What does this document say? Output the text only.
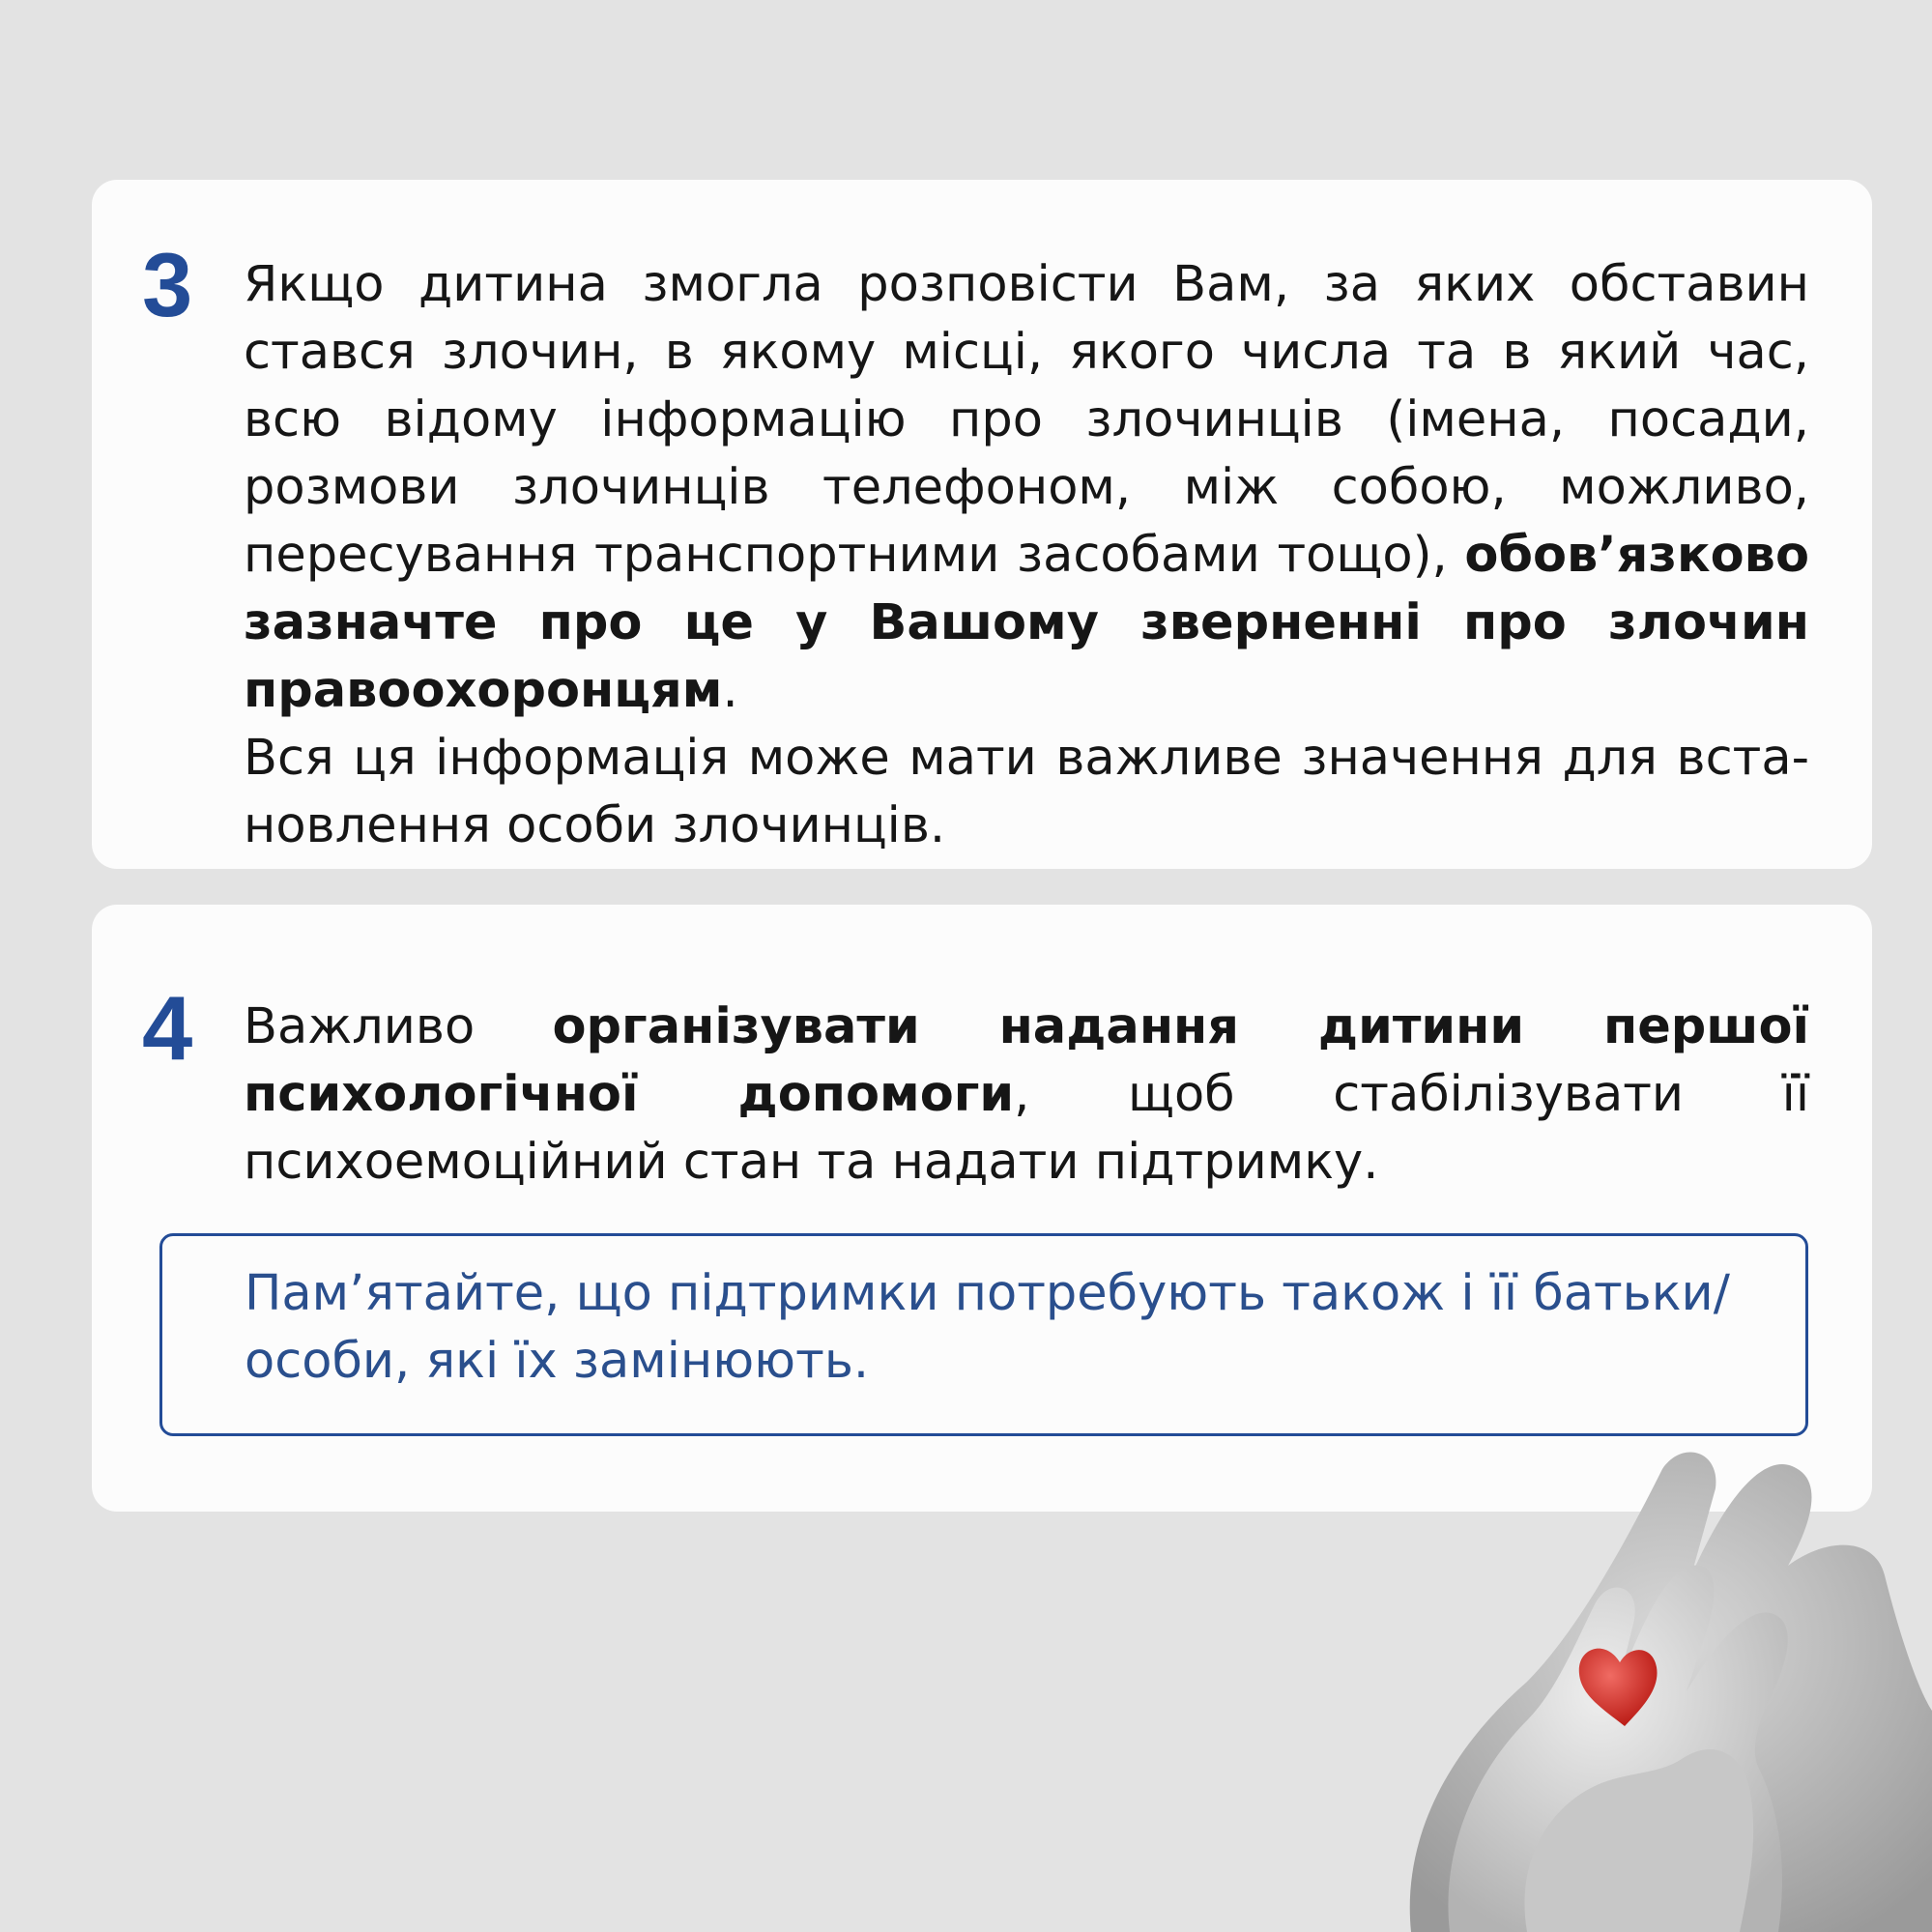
3 Якщо дитина змогла розповісти Вам, за яких обставин стався злочин, в якому місці, якого числа та в який час, всю відому інформацію про злочинців (імена, посади, розмови злочинців телефоном, між собою, можливо, пересування транспортними засобами тощо), обов’язково зазначте про це у Вашому зверненні про злочин правоохоронцям.
Вся ця інформація може мати важливе значення для встановлення особи злочинців.
4 Важливо організувати надання дитини першої психологічної допомоги, щоб стабілізувати її психоемоційний стан та надати підтримку.
Пам’ятайте, що підтримки потребують також і її батьки/особи, які їх замінюють.
